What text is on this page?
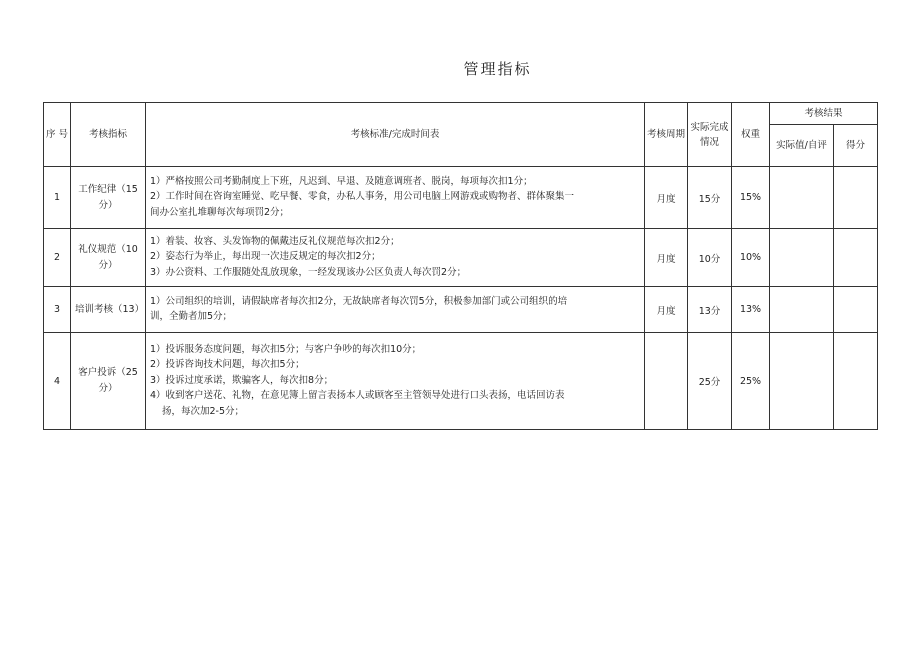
管理指标
序 号	考核指标	考核标准/完成时间表	考核周期	实际完成情况	权重	考核结果	
						实际值/自评	得分
1	工作纪律（15分）	1）严格按照公司考勤制度上下班，凡迟到、早退、及随意调班者、脱岗，每项每次扣1分；
2）工作时间在咨询室睡觉、吃早餐、零食，办私人事务，用公司电脑上网游戏或购物者、群体聚集一
间办公室扎堆聊每次每项罚2分；	月度	15分	15%		
2	礼仪规范（10分）	1）着装、妆容、头发饰物的佩戴违反礼仪规范每次扣2分；
2）姿态行为举止，每出现一次违反规定的每次扣2分；
3）办公资料、工作服随处乱放现象，一经发现该办公区负责人每次罚2分；	月度	10分	10%		
3	培训考核（13）	1）公司组织的培训，请假缺席者每次扣2分，无故缺席者每次罚5分，积极参加部门或公司组织的培
训，全勤者加5分；	月度	13分	13%		
4	客户投诉（25分）	1）投诉服务态度问题，每次扣5分；与客户争吵的每次扣10分；
2）投诉咨询技术问题，每次扣5分；
3）投诉过度承诺，欺骗客人，每次扣8分；
4）收到客户送花、礼物，在意见簿上留言表扬本人或顾客至主管领导处进行口头表扬，电话回访表
扬，每次加2-5分；		25分	25%		
